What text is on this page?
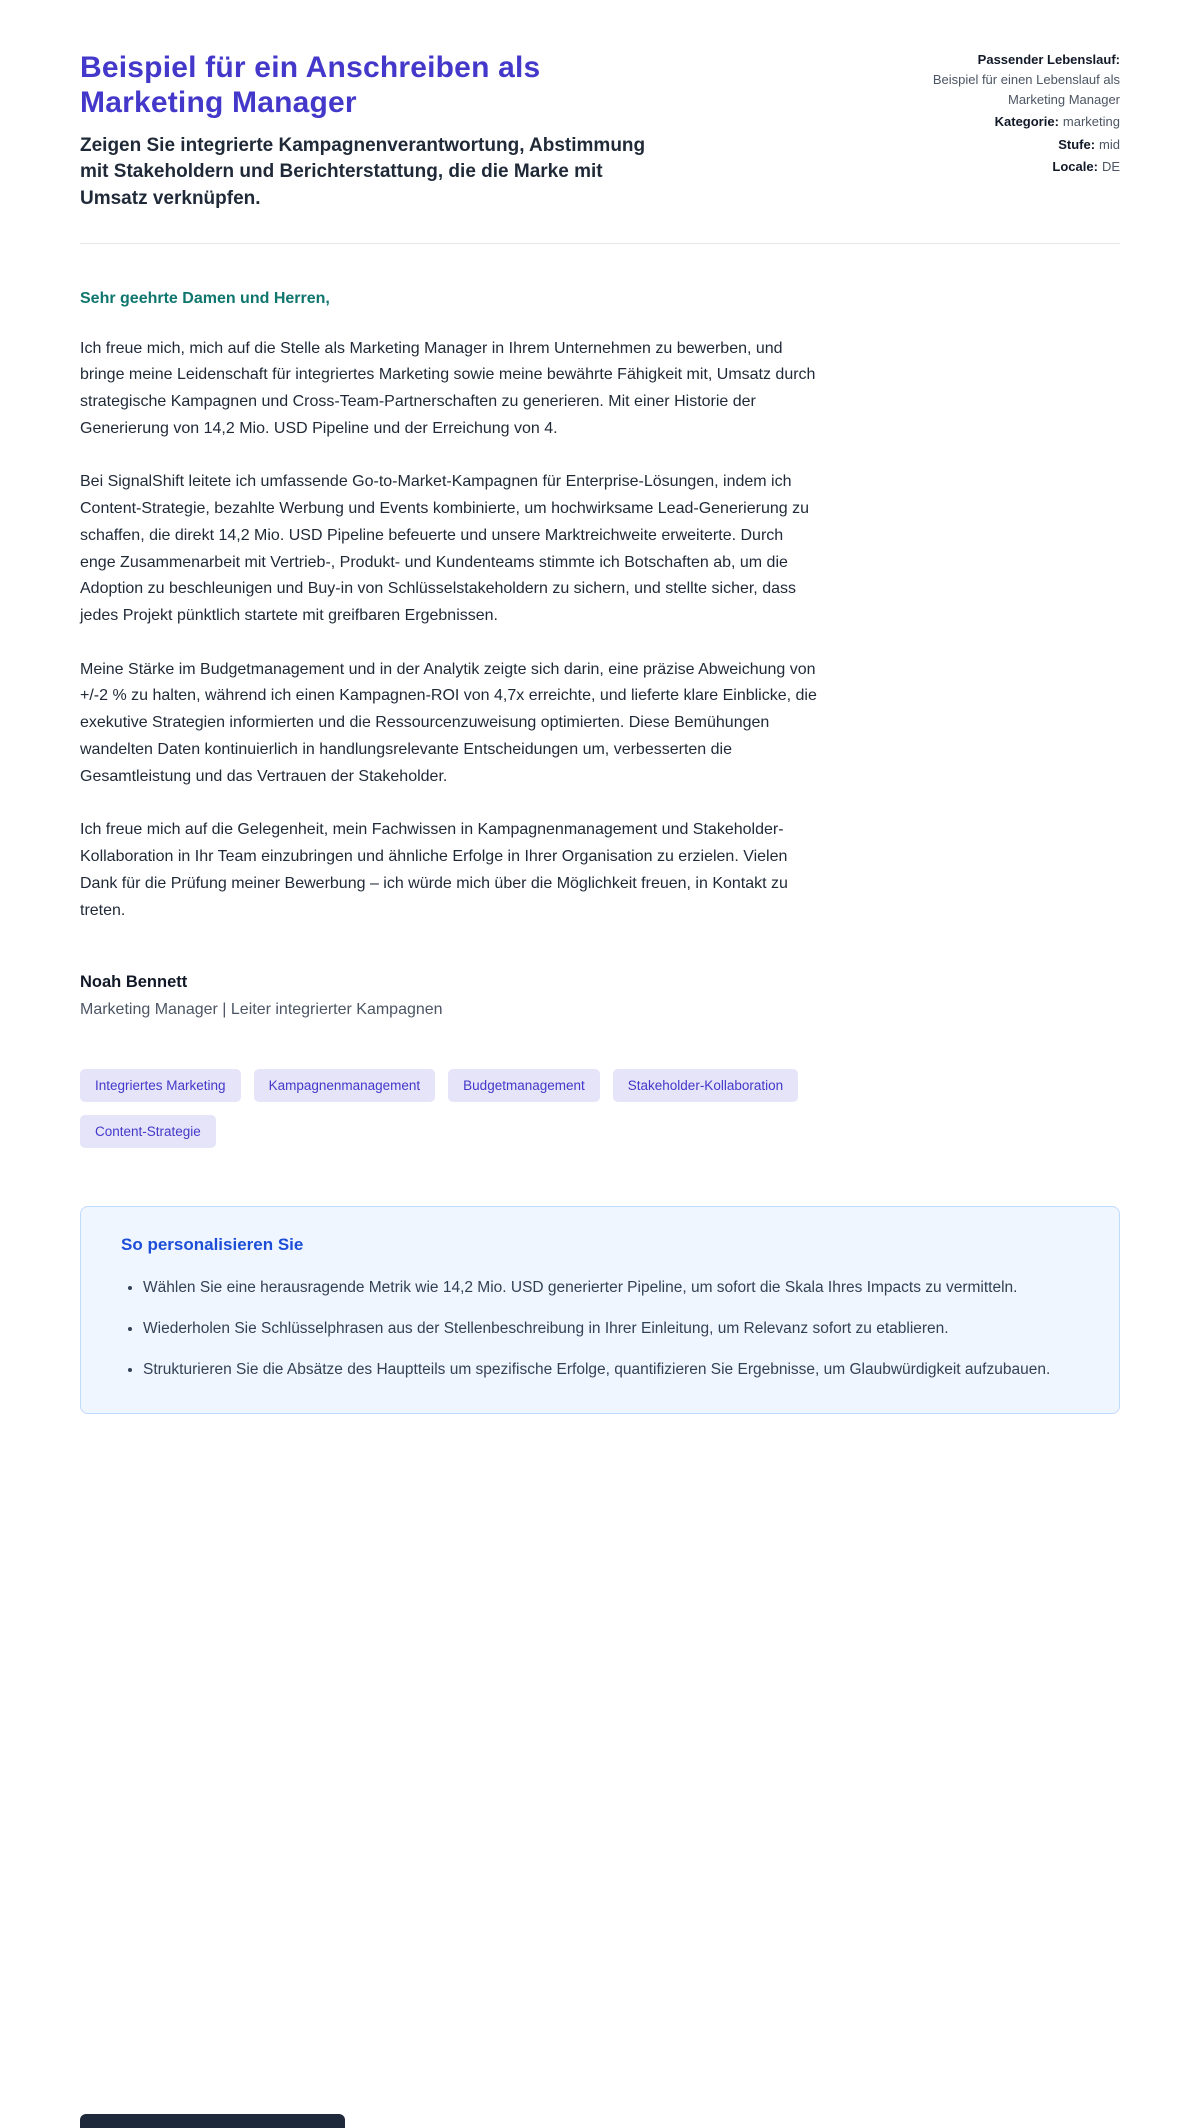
Beispiel für ein Anschreiben als Marketing Manager

Zeigen Sie integrierte Kampagnenverantwortung, Abstimmung mit Stakeholdern und Berichterstattung, die die Marke mit Umsatz verknüpfen.

Passender Lebenslauf:
Beispiel für einen Lebenslauf als Marketing Manager
Kategorie: marketing
Stufe: mid
Locale: DE

Sehr geehrte Damen und Herren,

Ich freue mich, mich auf die Stelle als Marketing Manager in Ihrem Unternehmen zu bewerben, und bringe meine Leidenschaft für integriertes Marketing sowie meine bewährte Fähigkeit mit, Umsatz durch strategische Kampagnen und Cross-Team-Partnerschaften zu generieren. Mit einer Historie der Generierung von 14,2 Mio. USD Pipeline und der Erreichung von 4.

Bei SignalShift leitete ich umfassende Go-to-Market-Kampagnen für Enterprise-Lösungen, indem ich Content-Strategie, bezahlte Werbung und Events kombinierte, um hochwirksame Lead-Generierung zu schaffen, die direkt 14,2 Mio. USD Pipeline befeuerte und unsere Marktreichweite erweiterte. Durch enge Zusammenarbeit mit Vertrieb-, Produkt- und Kundenteams stimmte ich Botschaften ab, um die Adoption zu beschleunigen und Buy-in von Schlüsselstakeholdern zu sichern, und stellte sicher, dass jedes Projekt pünktlich startete mit greifbaren Ergebnissen.

Meine Stärke im Budgetmanagement und in der Analytik zeigte sich darin, eine präzise Abweichung von +/-2 % zu halten, während ich einen Kampagnen-ROI von 4,7x erreichte, und lieferte klare Einblicke, die exekutive Strategien informierten und die Ressourcenzuweisung optimierten. Diese Bemühungen wandelten Daten kontinuierlich in handlungsrelevante Entscheidungen um, verbesserten die Gesamtleistung und das Vertrauen der Stakeholder.

Ich freue mich auf die Gelegenheit, mein Fachwissen in Kampagnenmanagement und Stakeholder-Kollaboration in Ihr Team einzubringen und ähnliche Erfolge in Ihrer Organisation zu erzielen. Vielen Dank für die Prüfung meiner Bewerbung – ich würde mich über die Möglichkeit freuen, in Kontakt zu treten.

Noah Bennett

Marketing Manager | Leiter integrierter Kampagnen

Integriertes Marketing	Kampagnenmanagement	Budgetmanagement	Stakeholder-Kollaboration
Content-Strategie
So personalisieren Sie
• Wählen Sie eine herausragende Metrik wie 14,2 Mio. USD generierter Pipeline, um sofort die Skala Ihres Impacts zu vermitteln.
• Wiederholen Sie Schlüsselphrasen aus der Stellenbeschreibung in Ihrer Einleitung, um Relevanz sofort zu etablieren.
• Strukturieren Sie die Absätze des Hauptteils um spezifische Erfolge, quantifizieren Sie Ergebnisse, um Glaubwürdigkeit aufzubauen.
